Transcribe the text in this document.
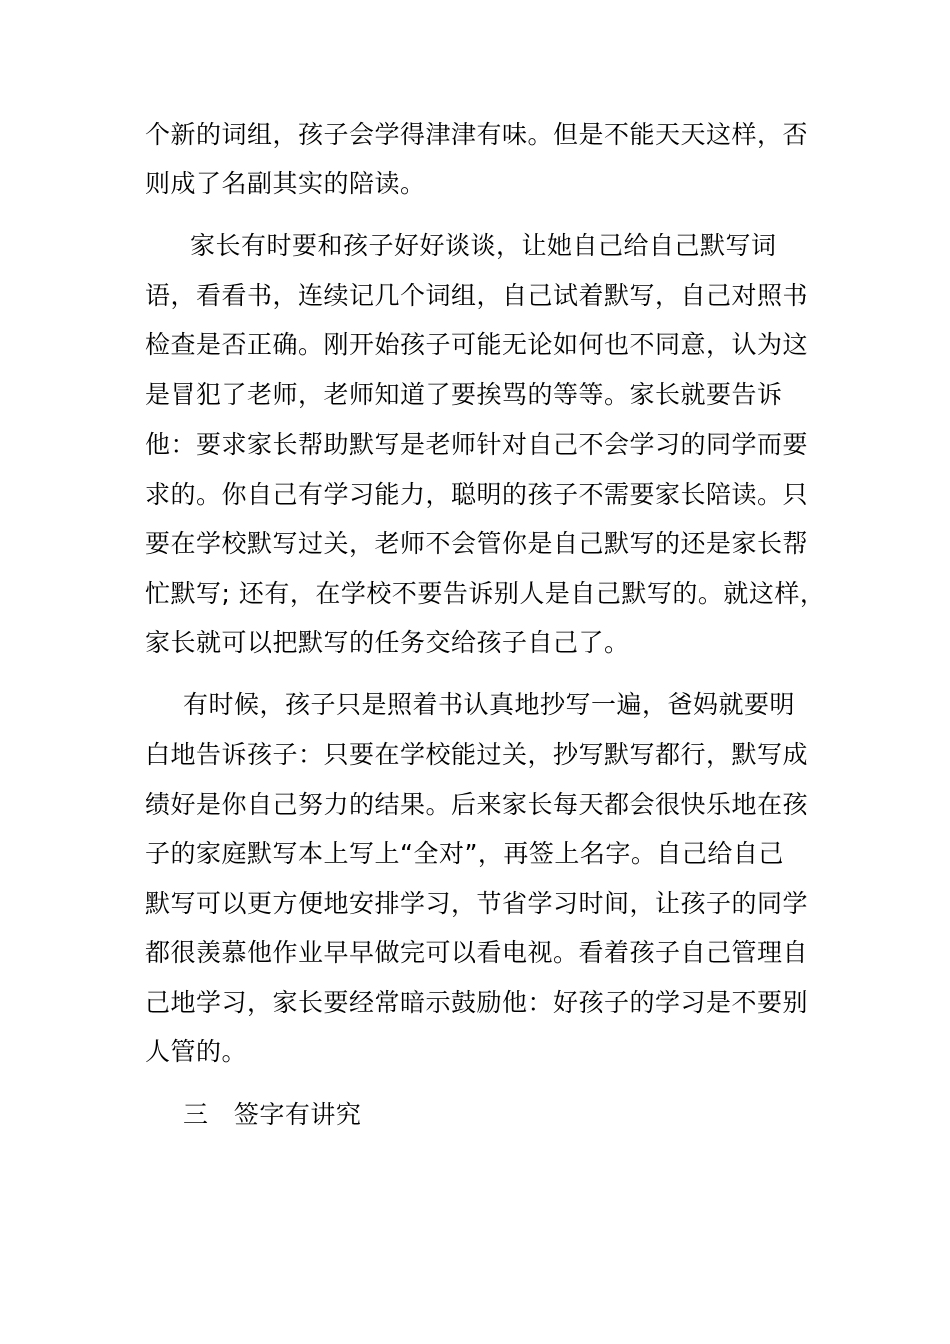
个新的词组，孩子会学得津津有味。但是不能天天这样，否
则成了名副其实的陪读。
家长有时要和孩子好好谈谈，让她自己给自己默写词
语，看看书，连续记几个词组，自己试着默写，自己对照书
检查是否正确。刚开始孩子可能无论如何也不同意，认为这
是冒犯了老师，老师知道了要挨骂的等等。家长就要告诉
他：要求家长帮助默写是老师针对自己不会学习的同学而要
求的。你自己有学习能力，聪明的孩子不需要家长陪读。只
要在学校默写过关，老师不会管你是自己默写的还是家长帮
忙默写; 还有，在学校不要告诉别人是自己默写的。就这样，
家长就可以把默写的任务交给孩子自己了。
有时候，孩子只是照着书认真地抄写一遍，爸妈就要明
白地告诉孩子：只要在学校能过关，抄写默写都行，默写成
绩好是你自己努力的结果。后来家长每天都会很快乐地在孩
子的家庭默写本上写上“全对”，再签上名字。自己给自己
默写可以更方便地安排学习，节省学习时间，让孩子的同学
都很羡慕他作业早早做完可以看电视。看着孩子自己管理自
己地学习，家长要经常暗示鼓励他：好孩子的学习是不要别
人管的。
三   签字有讲究
